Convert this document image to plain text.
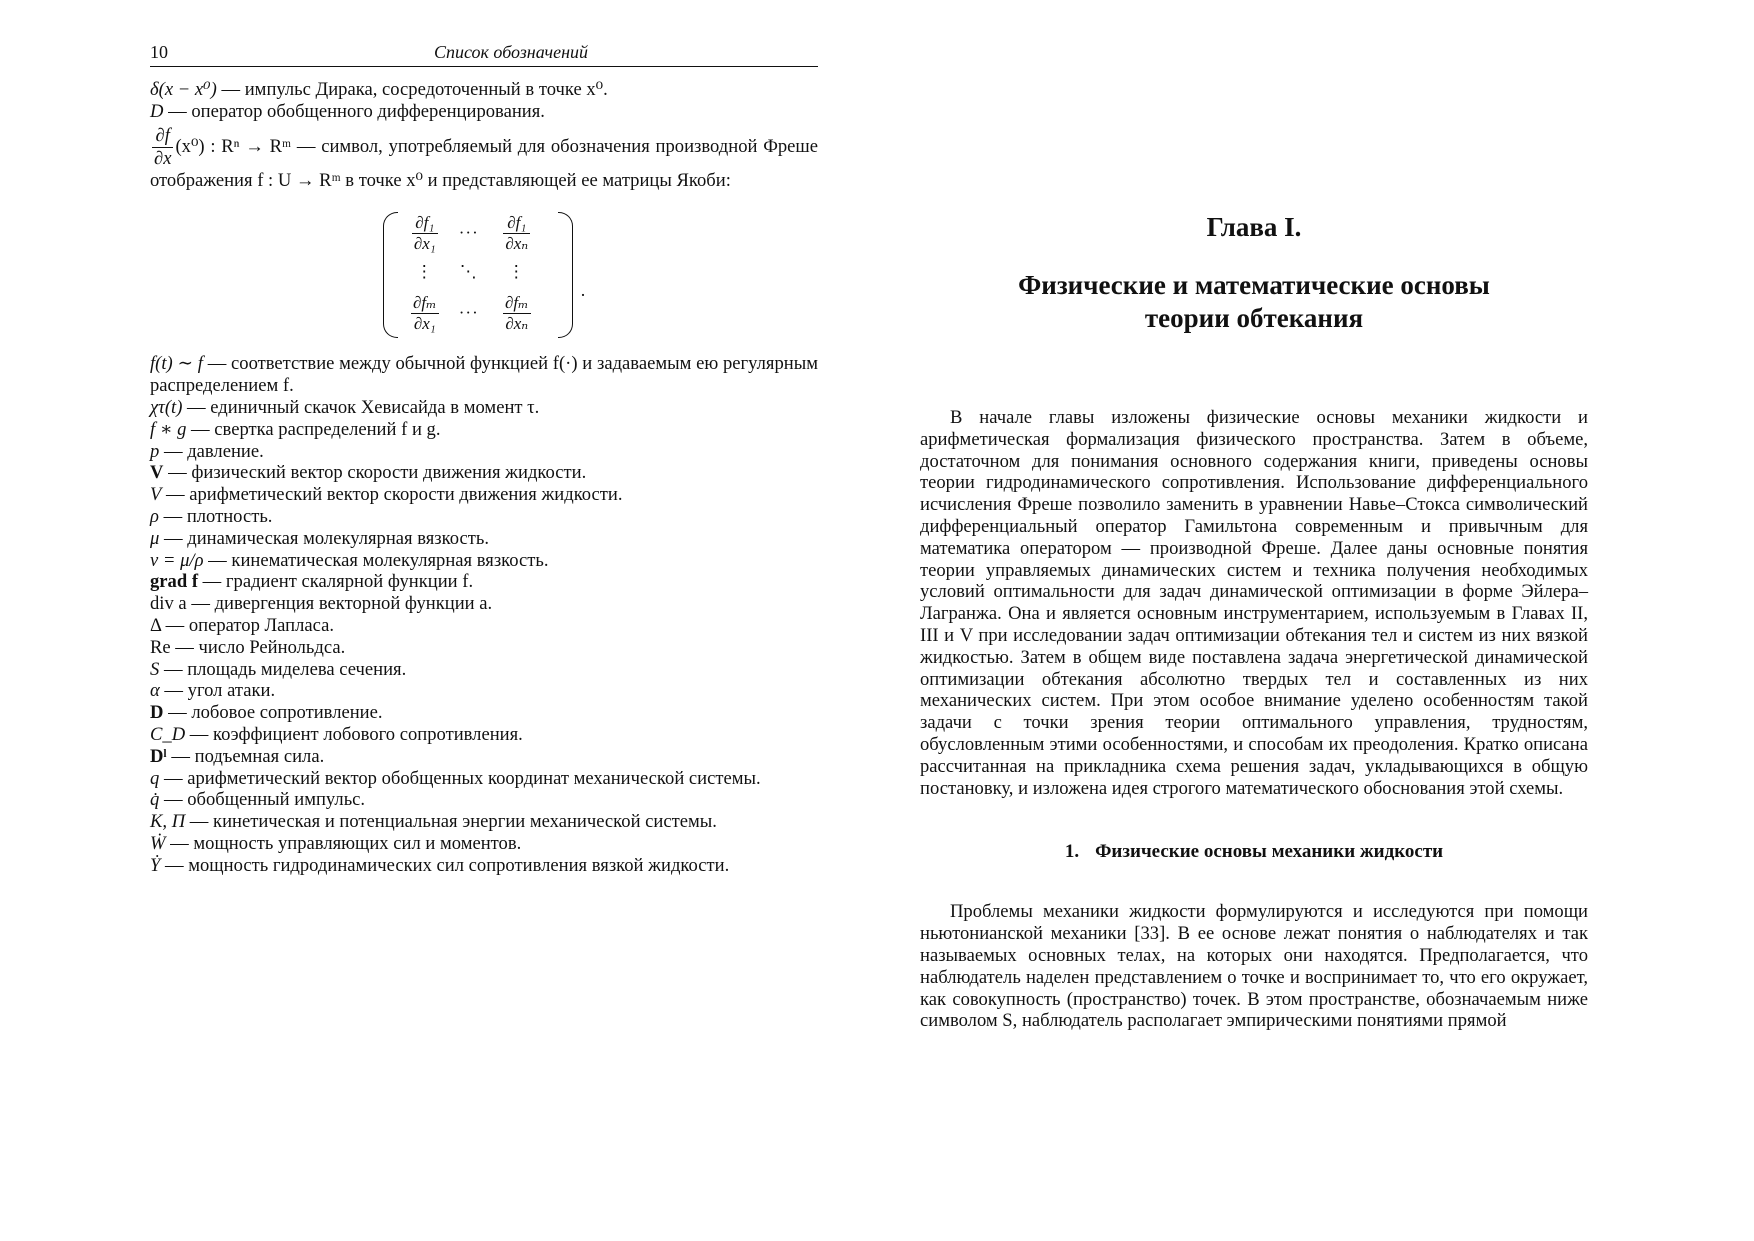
10	Список обозначений

δ(x − x⁰) — импульс Дирака, сосредоточенный в точке x⁰.

D — оператор обобщенного дифференцирования.

$\frac{\partial f}{\partial x} (x^0)$ : Rⁿ → Rᵐ — символ, употребляемый для обозначения производной Фреше отображения f : U → Rᵐ в точке x⁰ и представляющей ее матрицы Якоби:

$\frac{\text{∂f₁}}{\text{∂x₁}}$ ··· $\frac{\text{∂f₁}}{\text{∂xₙ}}$
⋮ ⋱ ⋮
$\frac{\text{∂fₘ}}{\text{∂x₁}}$ ··· $\frac{\text{∂fₘ}}{\text{∂xₙ}}$
.

f(t) ∼ f — соответствие между обычной функцией f(·) и задаваемым ею регулярным распределением f.

χτ(t) — единичный скачок Хевисайда в момент τ.

f ∗ g — свертка распределений f и g.

p — давление.

V — физический вектор скорости движения жидкости.

V — арифметический вектор скорости движения жидкости.

ρ — плотность.

μ — динамическая молекулярная вязкость.

ν = μ/ρ — кинематическая молекулярная вязкость.

grad f — градиент скалярной функции f.

div a — дивергенция векторной функции a.

Δ — оператор Лапласа.

Re — число Рейнольдса.

S — площадь миделева сечения.

α — угол атаки.

D — лобовое сопротивление.

C_D — коэффициент лобового сопротивления.

Dˡ — подъемная сила.

q — арифметический вектор обобщенных координат механической системы.

q̇ — обобщенный импульс.

K, Π — кинетическая и потенциальная энергии механической системы.

Ẇ — мощность управляющих сил и моментов.

Ẏ — мощность гидродинамических сил сопротивления вязкой жидкости.

Глава I.
Физические и математические основы
теории обтекания

В начале главы изложены физические основы механики жидкости и арифметическая формализация физического пространства. Затем в объеме, достаточном для понимания основного содержания книги, приведены основы теории гидродинамического сопротивления. Использование дифференциального исчисления Фреше позволило заменить в уравнении Навье–Стокса символический дифференциальный оператор Гамильтона современным и привычным для математика оператором — производной Фреше. Далее даны основные понятия теории управляемых динамических систем и техника получения необходимых условий оптимальности для задач динамической оптимизации в форме Эйлера–Лагранжа. Она и является основным инструментарием, используемым в Главах II, III и V при исследовании задач оптимизации обтекания тел и систем из них вязкой жидкостью. Затем в общем виде поставлена задача энергетической динамической оптимизации обтекания абсолютно твердых тел и составленных из них механических систем. При этом особое внимание уделено особенностям такой задачи с точки зрения теории оптимального управления, трудностям, обусловленным этими особенностями, и способам их преодоления. Кратко описана рассчитанная на прикладника схема решения задач, укладывающихся в общую постановку, и изложена идея строгого математического обоснования этой схемы.

1. Физические основы механики жидкости

Проблемы механики жидкости формулируются и исследуются при помощи ньютонианской механики [33]. В ее основе лежат понятия о наблюдателях и так называемых основных телах, на которых они находятся. Предполагается, что наблюдатель наделен представлением о точке и воспринимает то, что его окружает, как совокупность (пространство) точек. В этом пространстве, обозначаемым ниже символом S, наблюдатель располагает эмпирическими понятиями прямой
